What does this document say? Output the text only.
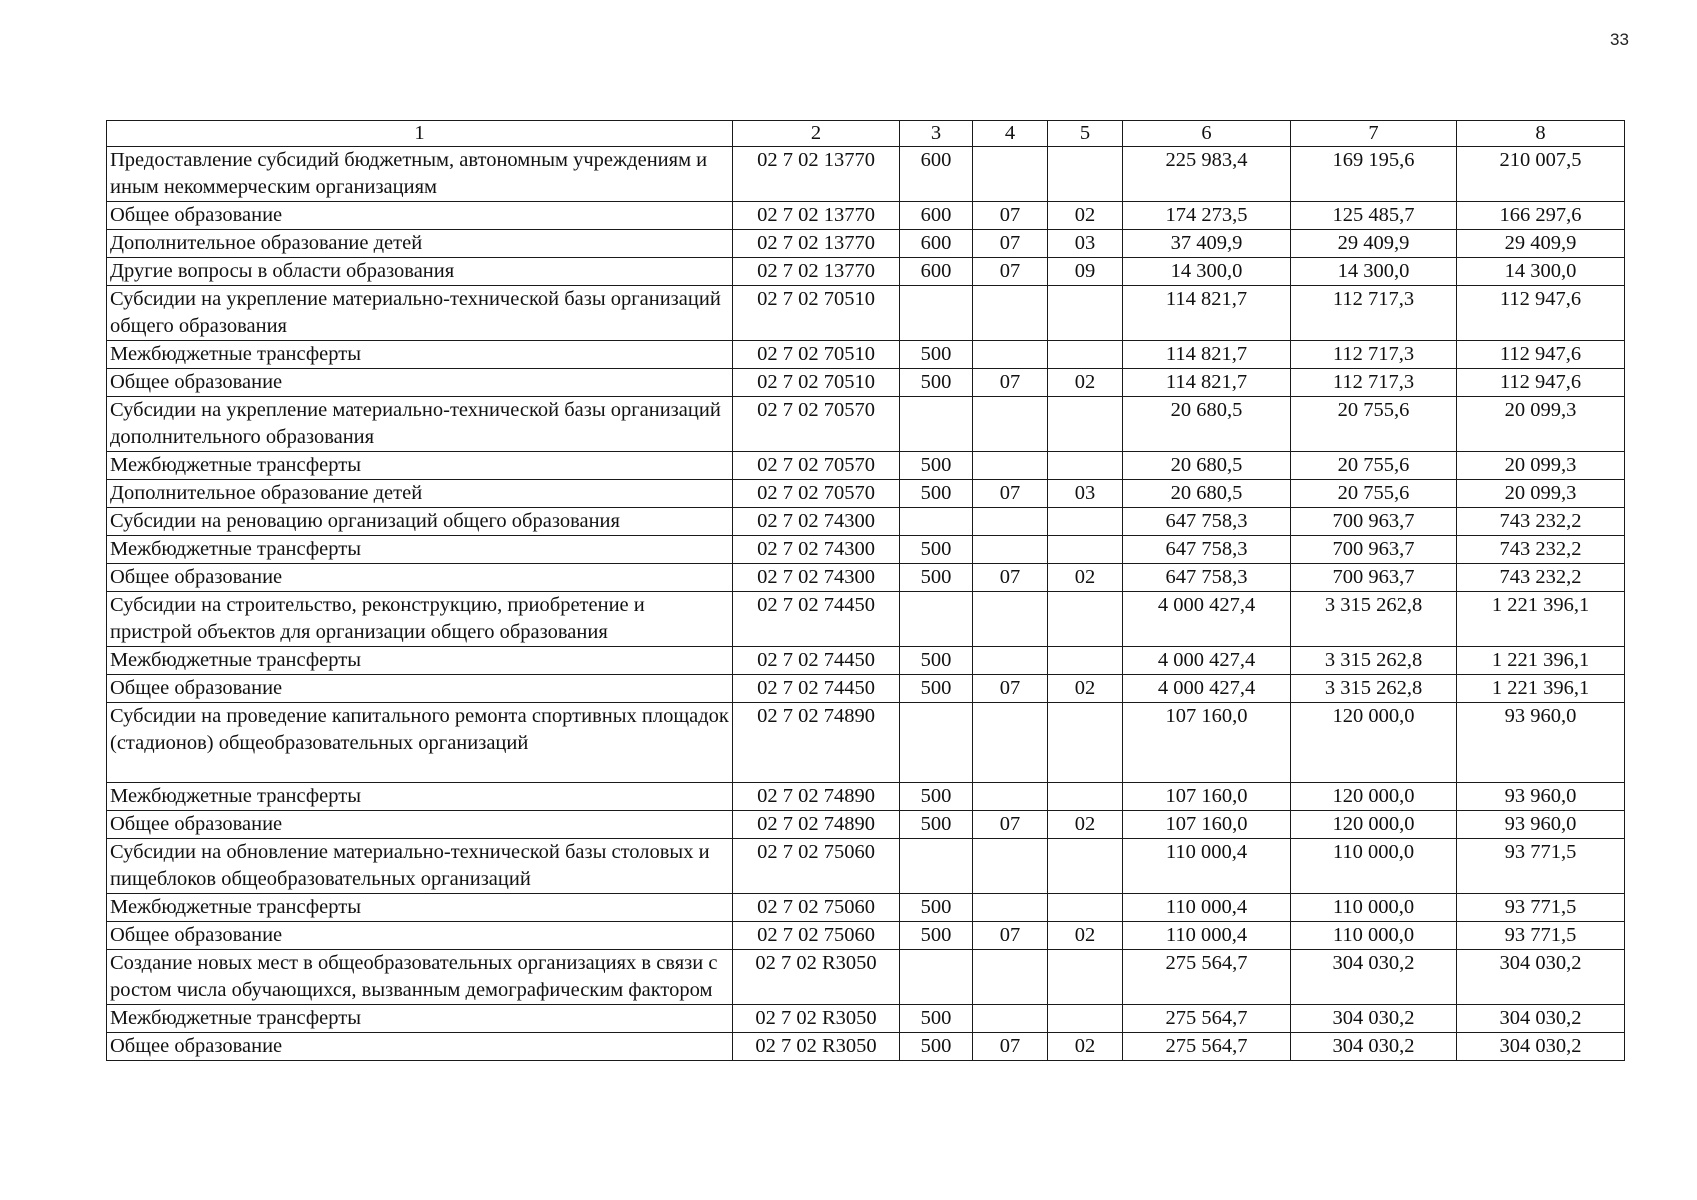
33
1	2	3	4	5	6	7	8
Предоставление субсидий бюджетным, автономным учреждениям и иным некоммерческим организациям	02 7 02 13770	600			225 983,4	169 195,6	210 007,5
Общее образование	02 7 02 13770	600	07	02	174 273,5	125 485,7	166 297,6
Дополнительное образование детей	02 7 02 13770	600	07	03	37 409,9	29 409,9	29 409,9
Другие вопросы в области образования	02 7 02 13770	600	07	09	14 300,0	14 300,0	14 300,0
Субсидии на укрепление материально-технической базы организаций общего образования	02 7 02 70510				114 821,7	112 717,3	112 947,6
Межбюджетные трансферты	02 7 02 70510	500			114 821,7	112 717,3	112 947,6
Общее образование	02 7 02 70510	500	07	02	114 821,7	112 717,3	112 947,6
Субсидии на укрепление материально-технической базы организаций дополнительного образования	02 7 02 70570				20 680,5	20 755,6	20 099,3
Межбюджетные трансферты	02 7 02 70570	500			20 680,5	20 755,6	20 099,3
Дополнительное образование детей	02 7 02 70570	500	07	03	20 680,5	20 755,6	20 099,3
Субсидии на реновацию организаций общего образования	02 7 02 74300				647 758,3	700 963,7	743 232,2
Межбюджетные трансферты	02 7 02 74300	500			647 758,3	700 963,7	743 232,2
Общее образование	02 7 02 74300	500	07	02	647 758,3	700 963,7	743 232,2
Субсидии на строительство, реконструкцию, приобретение и пристрой объектов для организации общего образования	02 7 02 74450				4 000 427,4	3 315 262,8	1 221 396,1
Межбюджетные трансферты	02 7 02 74450	500			4 000 427,4	3 315 262,8	1 221 396,1
Общее образование	02 7 02 74450	500	07	02	4 000 427,4	3 315 262,8	1 221 396,1
Субсидии на проведение капитального ремонта спортивных площадок (стадионов) общеобразовательных организаций	02 7 02 74890				107 160,0	120 000,0	93 960,0
Межбюджетные трансферты	02 7 02 74890	500			107 160,0	120 000,0	93 960,0
Общее образование	02 7 02 74890	500	07	02	107 160,0	120 000,0	93 960,0
Субсидии на обновление материально-технической базы столовых и пищеблоков общеобразовательных организаций	02 7 02 75060				110 000,4	110 000,0	93 771,5
Межбюджетные трансферты	02 7 02 75060	500			110 000,4	110 000,0	93 771,5
Общее образование	02 7 02 75060	500	07	02	110 000,4	110 000,0	93 771,5
Создание новых мест в общеобразовательных организациях в связи с ростом числа обучающихся, вызванным демографическим фактором	02 7 02 R3050				275 564,7	304 030,2	304 030,2
Межбюджетные трансферты	02 7 02 R3050	500			275 564,7	304 030,2	304 030,2
Общее образование	02 7 02 R3050	500	07	02	275 564,7	304 030,2	304 030,2
